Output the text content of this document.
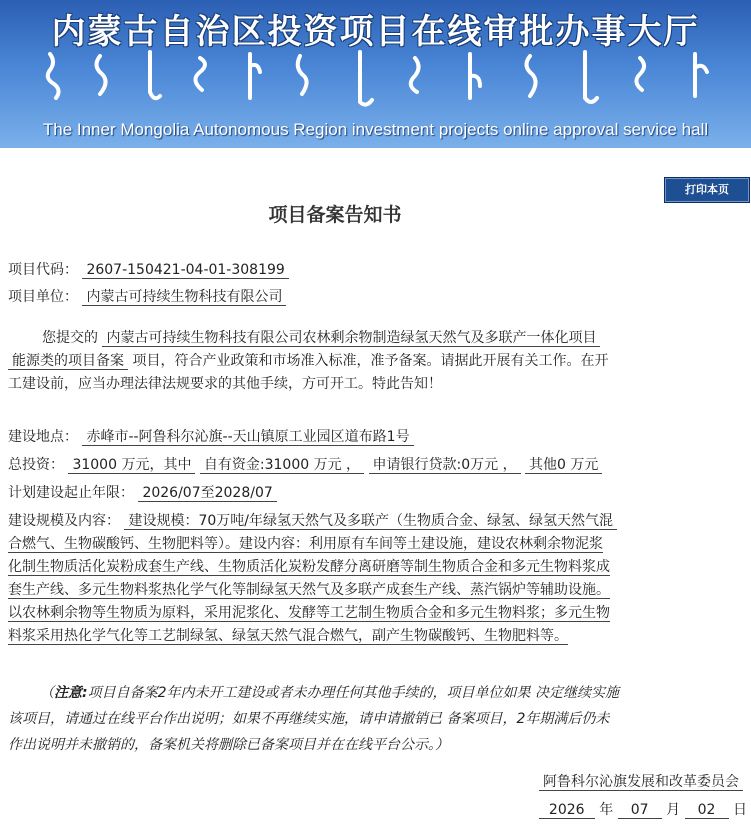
内蒙古自治区投资项目在线审批办事大厅
The Inner Mongolia Autonomous Region investment projects online approval service hall
打印本页
项目备案告知书
项目代码： 2607-150421-04-01-308199
项目单位： 内蒙古可持续生物科技有限公司
您提交的 内蒙古可持续生物科技有限公司农林剩余物制造绿氢天然气及多联产一体化项目
能源类的项目备案 项目，符合产业政策和市场准入标准，准予备案。请据此开展有关工作。在开
工建设前，应当办理法律法规要求的其他手续，方可开工。特此告知！
建设地点： 赤峰市--阿鲁科尔沁旗--天山镇原工业园区道布路1号
总投资： 31000 万元，其中 自有资金:31000 万元 ， 申请银行贷款:0万元 ， 其他0 万元
计划建设起止年限： 2026/07至2028/07
建设规模及内容： 建设规模：70万吨/年绿氢天然气及多联产（生物质合金、绿氢、绿氢天然气混
合燃气、生物碳酸钙、生物肥料等）。建设内容：利用原有车间等土建设施，建设农林剩余物泥浆
化制生物质活化炭粉成套生产线、生物质活化炭粉发酵分离研磨等制生物质合金和多元生物料浆成
套生产线、多元生物料浆热化学气化等制绿氢天然气及多联产成套生产线、蒸汽锅炉等辅助设施。
以农林剩余物等生物质为原料，采用泥浆化、发酵等工艺制生物质合金和多元生物料浆；多元生物
料浆采用热化学气化等工艺制绿氢、绿氢天然气混合燃气，副产生物碳酸钙、生物肥料等。
（注意:项目自备案2年内未开工建设或者未办理任何其他手续的，项目单位如果 决定继续实施
该项目，请通过在线平台作出说明；如果不再继续实施，请申请撤销已 备案项目，2年期满后仍未
作出说明并未撤销的，备案机关将删除已备案项目并在在线平台公示。）
阿鲁科尔沁旗发展和改革委员会
2026 年 07 月 02 日
